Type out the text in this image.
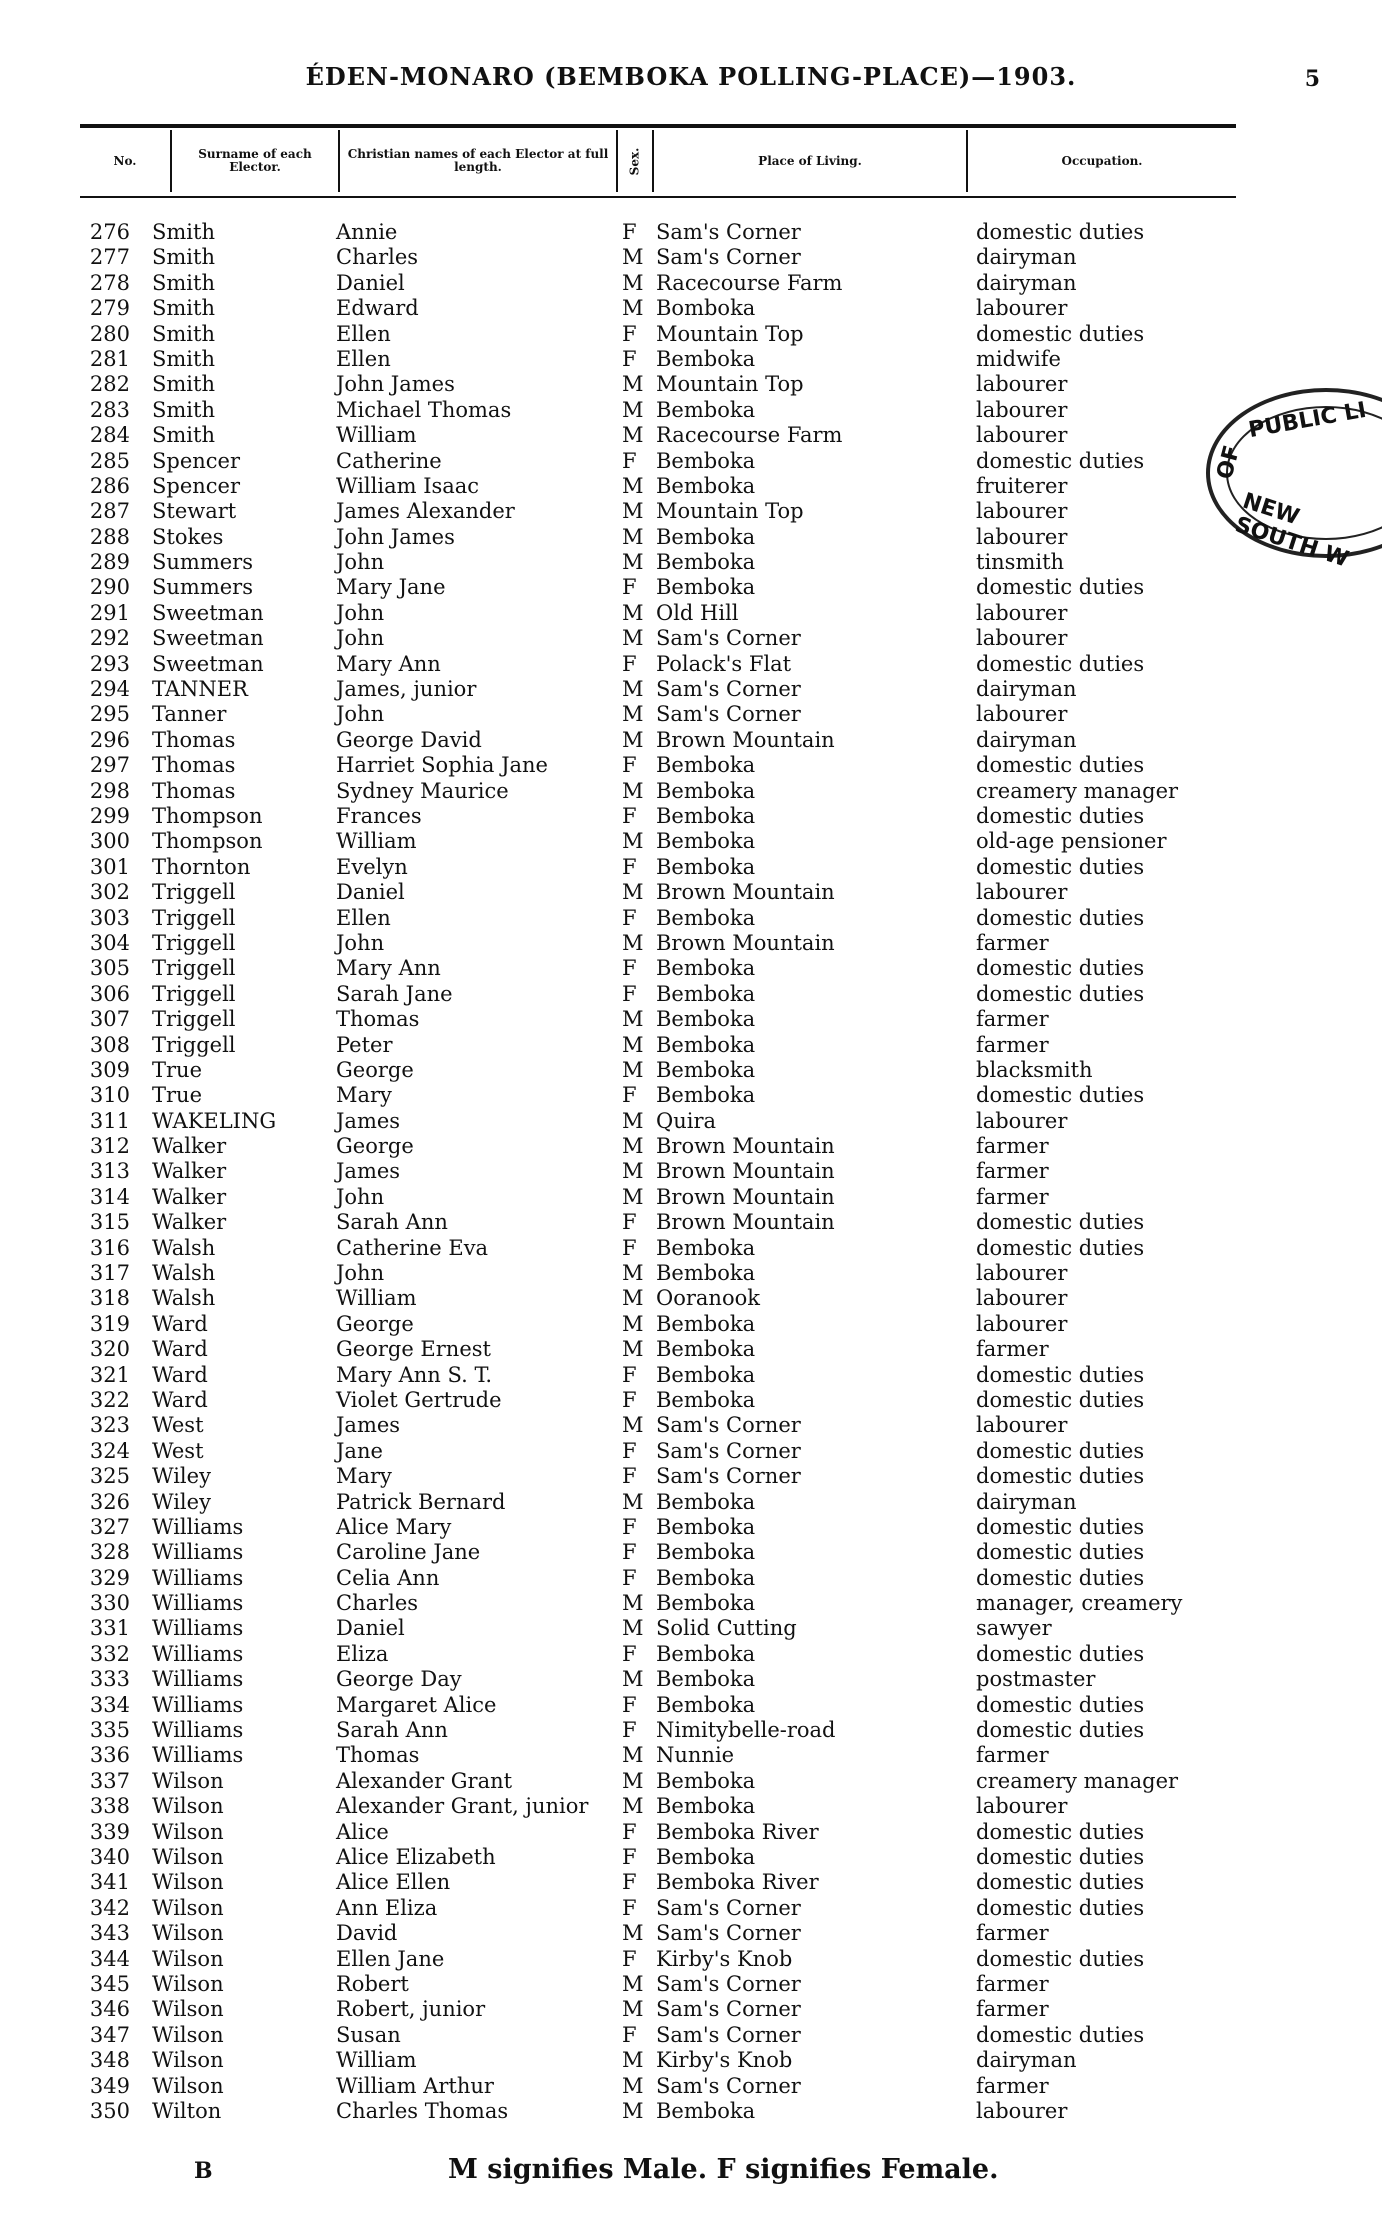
ÉDEN-MONARO (BEMBOKA POLLING-PLACE)—1903.	5
No.	Surname of each Elector.
Christian names of each Elector at full length.	Sex.	Place of Living.	Occupation.
276 Smith	Annie	F Sam's Corner	domestic duties
277 Smith	Charles	M Sam's Corner	dairyman
278 Smith	Daniel	M Racecourse Farm	dairyman
279 Smith	Edward	M Bomboka	labourer
280 Smith	Ellen	F Mountain Top	domestic duties
281 Smith	Ellen	F Bemboka	midwife
282 Smith	John James	M Mountain Top	labourer
283 Smith	Michael Thomas	M Bemboka	labourer
284 Smith	William	M Racecourse Farm	labourer
285 Spencer	Catherine	F Bemboka	domestic duties
286 Spencer	William Isaac	M Bemboka	fruiterer
287 Stewart	James Alexander	M Mountain Top	labourer
288 Stokes	John James	M Bemboka	labourer
289 Summers	John	M Bemboka	tinsmith
290 Summers	Mary Jane	F Bemboka	domestic duties
291 Sweetman	John	M Old Hill	labourer
292 Sweetman	John	M Sam's Corner	labourer
293 Sweetman	Mary Ann	F Polack's Flat	domestic duties
294 TANNER	James, junior	M Sam's Corner	dairyman
295 Tanner	John	M Sam's Corner	labourer
296 Thomas	George David	M Brown Mountain	dairyman
297 Thomas	Harriet Sophia Jane	F Bemboka	domestic duties
298 Thomas	Sydney Maurice	M Bemboka	creamery manager
299 Thompson	Frances	F Bemboka	domestic duties
300 Thompson	William	M Bemboka	old-age pensioner
301 Thornton	Evelyn	F Bemboka	domestic duties
302 Triggell	Daniel	M Brown Mountain	labourer
303 Triggell	Ellen	F Bemboka	domestic duties
304 Triggell	John	M Brown Mountain	farmer
305 Triggell	Mary Ann	F Bemboka	domestic duties
306 Triggell	Sarah Jane	F Bemboka	domestic duties
307 Triggell	Thomas	M Bemboka	farmer
308 Triggell	Peter	M Bemboka	farmer
309 True	George	M Bemboka	blacksmith
310 True	Mary	F Bemboka	domestic duties
311 WAKELING	James	M Quira	labourer
312 Walker	George	M Brown Mountain	farmer
313 Walker	James	M Brown Mountain	farmer
314 Walker	John	M Brown Mountain	farmer
315 Walker	Sarah Ann	F Brown Mountain	domestic duties
316 Walsh	Catherine Eva	F Bemboka	domestic duties
317 Walsh	John	M Bemboka	labourer
318 Walsh	William	M Ooranook	labourer
319 Ward	George	M Bemboka	labourer
320 Ward	George Ernest	M Bemboka	farmer
321 Ward	Mary Ann S. T.	F Bemboka	domestic duties
322 Ward	Violet Gertrude	F Bemboka	domestic duties
323 West	James	M Sam's Corner	labourer
324 West	Jane	F Sam's Corner	domestic duties
325 Wiley	Mary	F Sam's Corner	domestic duties
326 Wiley	Patrick Bernard	M Bemboka	dairyman
327 Williams	Alice Mary	F Bemboka	domestic duties
328 Williams	Caroline Jane	F Bemboka	domestic duties
329 Williams	Celia Ann	F Bemboka	domestic duties
330 Williams	Charles	M Bemboka	manager, creamery
331 Williams	Daniel	M Solid Cutting	sawyer
332 Williams	Eliza	F Bemboka	domestic duties
333 Williams	George Day	M Bemboka	postmaster
334 Williams	Margaret Alice	F Bemboka	domestic duties
335 Williams	Sarah Ann	F Nimitybelle-road	domestic duties
336 Williams	Thomas	M Nunnie	farmer
337 Wilson	Alexander Grant	M Bemboka	creamery manager
338 Wilson	Alexander Grant, junior M Bemboka	labourer
339 Wilson	Alice	F Bemboka River	domestic duties
340 Wilson	Alice Elizabeth	F Bemboka	domestic duties
341 Wilson	Alice Ellen	F Bemboka River	domestic duties
342 Wilson	Ann Eliza	F Sam's Corner	domestic duties
343 Wilson	David	M Sam's Corner	farmer
344 Wilson	Ellen Jane	F Kirby's Knob	domestic duties
345 Wilson	Robert	M Sam's Corner	farmer
346 Wilson	Robert, junior	M Sam's Corner	farmer
347 Wilson	Susan	F Sam's Corner	domestic duties
348 Wilson	William	M Kirby's Knob	dairyman
349 Wilson	William Arthur	M Sam's Corner	farmer
350 Wilton	Charles Thomas	M Bemboka	labourer
PUBLIC LI
OF
NEW SOUTH W
B	M signifies Male. F signifies Female.
